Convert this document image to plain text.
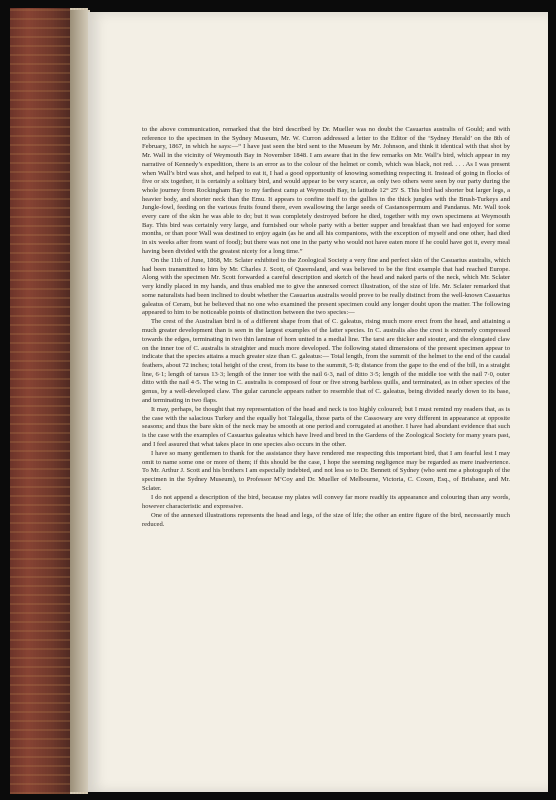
to the above communication, remarked that the bird described by Dr. Mueller was no doubt the Casuarius australis of Gould; and with reference to the specimen in the Sydney Museum, Mr. W. Curron addressed a letter to the Editor of the ‘Sydney Herald’ on the 8th of February, 1867, in which he says:—“ I have just seen the bird sent to the Museum by Mr. Johnson, and think it identical with that shot by Mr. Wall in the vicinity of Weymouth Bay in November 1848. I am aware that in the few remarks on Mr. Wall’s bird, which appear in my narrative of Kennedy’s expedition, there is an error as to the colour of the helmet or comb, which was black, not red. . . . As I was present when Wall’s bird was shot, and helped to eat it, I had a good opportunity of knowing something respecting it. Instead of going in flocks of five or six together, it is certainly a solitary bird, and would appear to be very scarce, as only two others were seen by our party during the whole journey from Rockingham Bay to my farthest camp at Weymouth Bay, in latitude 12° 25′ S. This bird had shorter but larger legs, a heavier body, and shorter neck than the Emu. It appears to confine itself to the gullies in the thick jungles with the Brush-Turkeys and Jungle-fowl, feeding on the various fruits found there, even swallowing the large seeds of Castanospermum and Pandanus. Mr. Wall took every care of the skin he was able to do; but it was completely destroyed before he died, together with my own specimens at Weymouth Bay. This bird was certainly very large, and furnished our whole party with a better supper and breakfast than we had enjoyed for some months, or than poor Wall was destined to enjoy again (as he and all his companions, with the exception of myself and one other, had died in six weeks after from want of food); but there was not one in the party who would not have eaten more if he could have got it, every meal having been divided with the greatest nicety for a long time.”

On the 11th of June, 1868, Mr. Sclater exhibited to the Zoological Society a very fine and perfect skin of the Casuarius australis, which had been transmitted to him by Mr. Charles J. Scott, of Queensland, and was believed to be the first example that had reached Europe. Along with the specimen Mr. Scott forwarded a careful description and sketch of the head and naked parts of the neck, which Mr. Sclater very kindly placed in my hands, and thus enabled me to give the annexed correct illustration, of the size of life. Mr. Sclater remarked that some naturalists had been inclined to doubt whether the Casuarius australis would prove to be really distinct from the well-known Casuarius galeatus of Ceram, but he believed that no one who examined the present specimen could any longer doubt upon the matter. The following appeared to him to be noticeable points of distinction between the two species:—

The crest of the Australian bird is of a different shape from that of C. galeatus, rising much more erect from the head, and attaining a much greater development than is seen in the largest examples of the latter species. In C. australis also the crest is extremely compressed towards the edges, terminating in two thin laminæ of horn united in a medial line. The tarsi are thicker and stouter, and the elongated claw on the inner toe of C. australis is straighter and much more developed. The following stated dimensions of the present specimen appear to indicate that the species attains a much greater size than C. galeatus:— Total length, from the summit of the helmet to the end of the caudal feathers, about 72 inches; total height of the crest, from its base to the summit, 5·8; distance from the gape to the end of the bill, in a straight line, 6·1; length of tarsus 13·3; length of the inner toe with the nail 6·3, nail of ditto 3·5; length of the middle toe with the nail 7·0, outer ditto with the nail 4·5. The wing in C. australis is composed of four or five strong barbless quills, and terminated, as in other species of the genus, by a well-developed claw. The gular caruncle appears rather to resemble that of C. galeatus, being divided nearly down to its base, and terminating in two flaps.

It may, perhaps, be thought that my representation of the head and neck is too highly coloured; but I must remind my readers that, as is the case with the salacious Turkey and the equally hot Talegalla, those parts of the Cassowary are very different in appearance at opposite seasons; and thus the bare skin of the neck may be smooth at one period and corrugated at another. I have had abundant evidence that such is the case with the examples of Casuarius galeatus which have lived and bred in the Gardens of the Zoological Society for many years past, and I feel assured that what takes place in one species also occurs in the other.

I have so many gentlemen to thank for the assistance they have rendered me respecting this important bird, that I am fearful lest I may omit to name some one or more of them; if this should be the case, I hope the seeming negligence may be regarded as mere inadvertence. To Mr. Arthur J. Scott and his brothers I am especially indebted, and not less so to Dr. Bennett of Sydney (who sent me a photograph of the specimen in the Sydney Museum), to Professor M‘Coy and Dr. Mueller of Melbourne, Victoria, C. Coxen, Esq., of Brisbane, and Mr. Sclater.

I do not append a description of the bird, because my plates will convey far more readily its appearance and colouring than any words, however characteristic and expressive.

One of the annexed illustrations represents the head and legs, of the size of life; the other an entire figure of the bird, necessarily much reduced.
